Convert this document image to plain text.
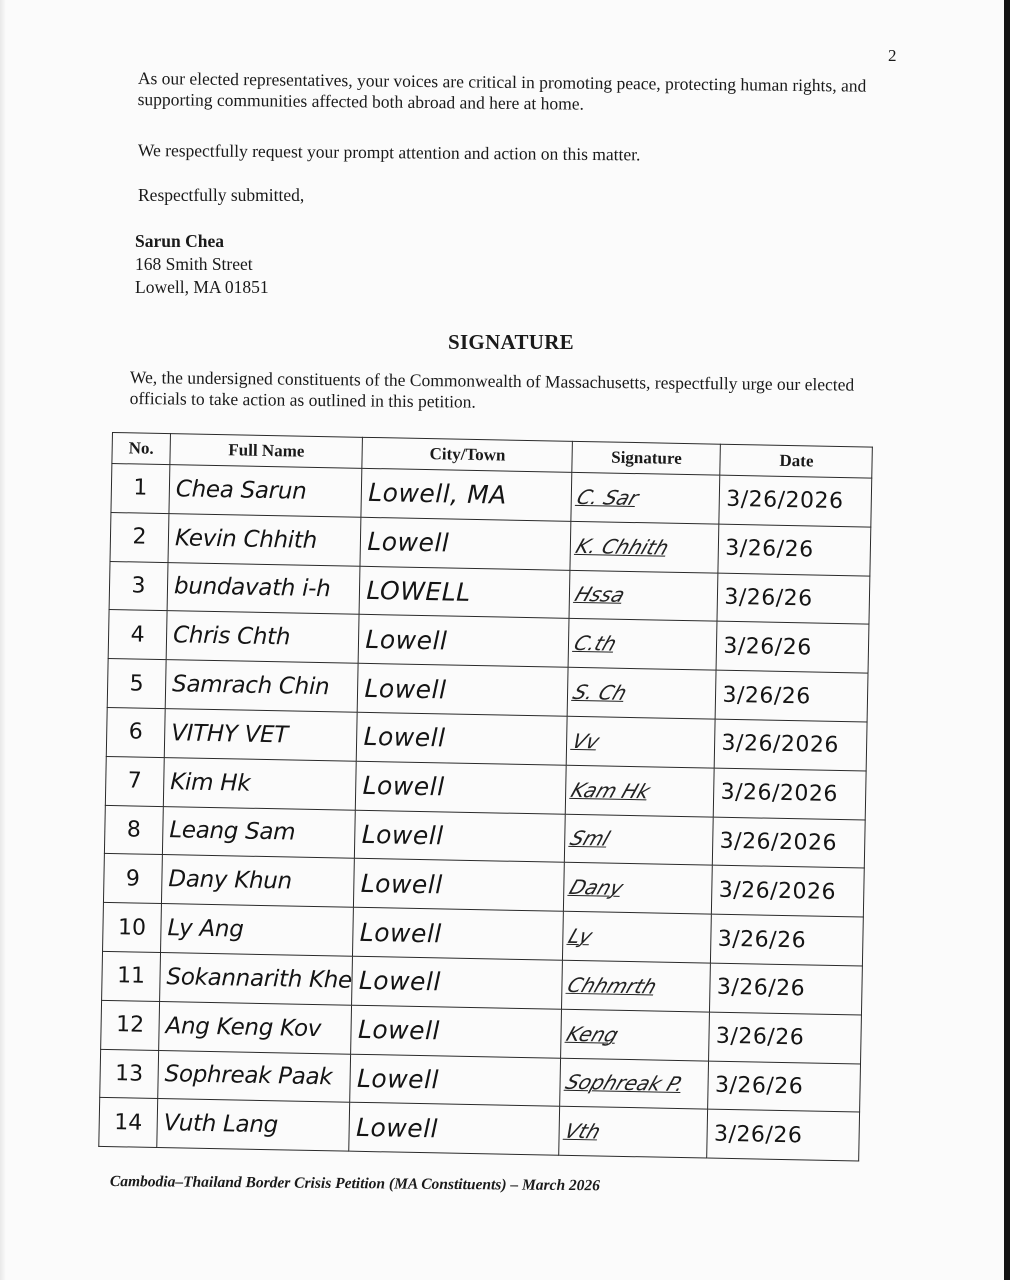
2
As our elected representatives, your voices are critical in promoting peace, protecting human rights, and supporting communities affected both abroad and here at home.
We respectfully request your prompt attention and action on this matter.
Respectfully submitted,
Sarun Chea
168 Smith Street
Lowell, MA 01851
SIGNATURE
We, the undersigned constituents of the Commonwealth of Massachusetts, respectfully urge our elected officials to take action as outlined in this petition.
No.	Full Name	City/Town	Signature	Date
1	Chea Sarun	Lowell, MA	C. Sar	3/26/2026
2	Kevin Chhith	Lowell	K. Chhith	3/26/26
3	bundavath i-h	LOWELL	Hssa	3/26/26
4	Chris Chth	Lowell	C.th	3/26/26
5	Samrach Chin	Lowell	S. Ch	3/26/26
6	VITHY VET	Lowell	Vv	3/26/2026
7	Kim Hk	Lowell	Kam Hk	3/26/2026
8	Leang Sam	Lowell	Sml	3/26/2026
9	Dany Khun	Lowell	Dany	3/26/2026
10	Ly Ang	Lowell	Ly	3/26/26
11	Sokannarith Khe	Lowell	Chhmrth	3/26/26
12	Ang Keng Kov	Lowell	Keng	3/26/26
13	Sophreak Paak	Lowell	Sophreak P.	3/26/26
14	Vuth Lang	Lowell	Vth	3/26/26
Cambodia–Thailand Border Crisis Petition (MA Constituents) – March 2026
